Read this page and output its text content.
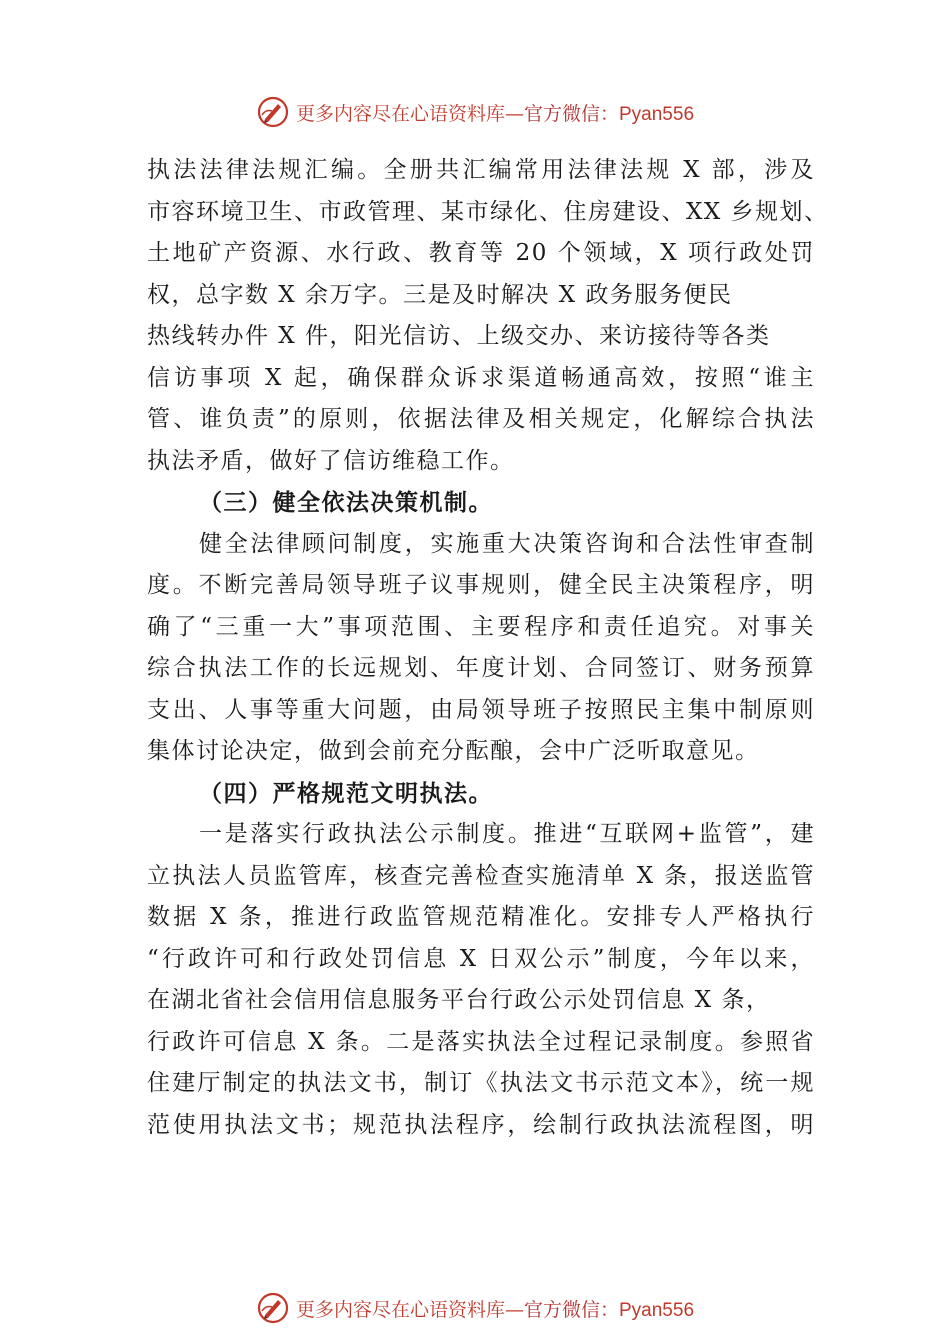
更多内容尽在心语资料库—官方微信：Pyan556
执法法律法规汇编。全册共汇编常用法律法规 X 部，涉及
市容环境卫生、市政管理、某市绿化、住房建设、XX 乡规划、
土地矿产资源、水行政、教育等 20 个领域，X 项行政处罚
权，总字数 X 余万字。三是及时解决 X 政务服务便民
热线转办件 X 件，阳光信访、上级交办、来访接待等各类
信访事项 X 起，确保群众诉求渠道畅通高效，按照“谁主
管、谁负责”的原则，依据法律及相关规定，化解综合执法
执法矛盾，做好了信访维稳工作。
（三）健全依法决策机制。
健全法律顾问制度，实施重大决策咨询和合法性审查制
度。不断完善局领导班子议事规则，健全民主决策程序，明
确了“三重一大”事项范围、主要程序和责任追究。对事关
综合执法工作的长远规划、年度计划、合同签订、财务预算
支出、人事等重大问题，由局领导班子按照民主集中制原则
集体讨论决定，做到会前充分酝酿，会中广泛听取意见。
（四）严格规范文明执法。
一是落实行政执法公示制度。推进“互联网+监管”，建
立执法人员监管库，核查完善检查实施清单 X 条，报送监管
数据 X 条，推进行政监管规范精准化。安排专人严格执行
“行政许可和行政处罚信息 X 日双公示”制度，今年以来，
在湖北省社会信用信息服务平台行政公示处罚信息 X 条，
行政许可信息 X 条。二是落实执法全过程记录制度。参照省
住建厅制定的执法文书，制订《执法文书示范文本》，统一规
范使用执法文书；规范执法程序，绘制行政执法流程图，明
更多内容尽在心语资料库—官方微信：Pyan556
